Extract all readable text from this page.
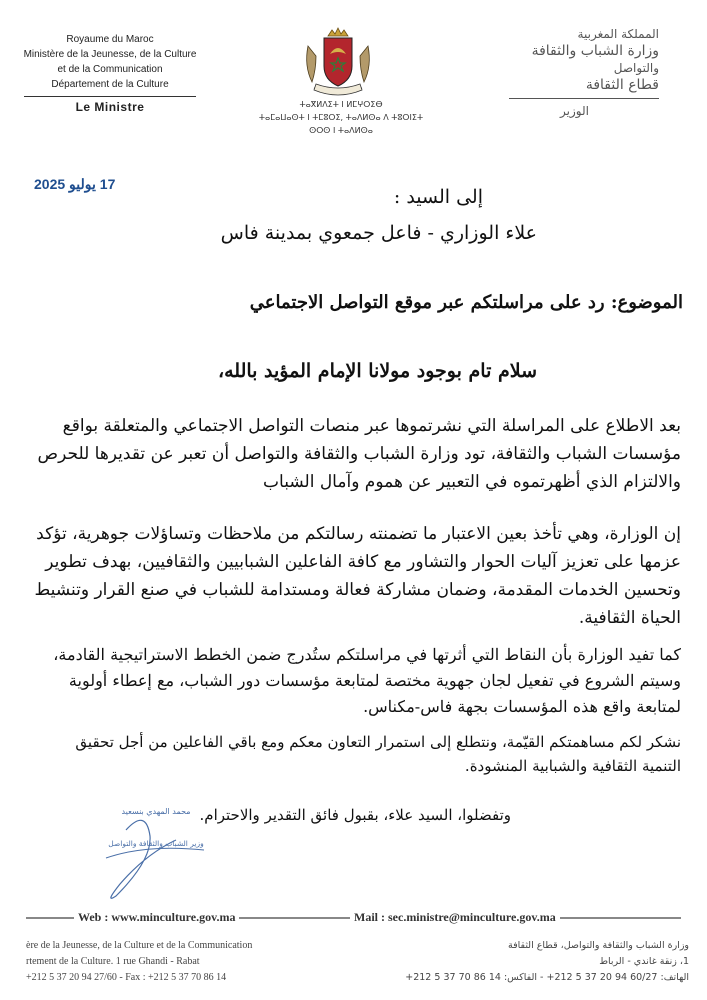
Royaume du Maroc
Ministère de la Jeunesse, de la Culture
et de la Communication
Département de la Culture
Le Ministre	ⵜⴰⴳⵍⴷⵉⵜ ⵏ ⵍⵎⵖⵔⵉⴱ
ⵜⴰⵎⴰⵡⴰⵙⵜ ⵏ ⵜⵎⵓⵔⵉ, ⵜⴰⴷⵍⵙⴰ ⴷ ⵜⵓⵔⵏⵉⵜ
ⵙⵔⵙ ⵏ ⵜⴰⴷⵍⵙⴰ
المملكة المغربية
وزارة الشباب والثقافة
والتواصل
قطاع الثقافة
الوزير
17 يوليو 2025
إلى السيد :
علاء الوزاري - فاعل جمعوي بمدينة فاس
الموضوع: رد على مراسلتكم عبر موقع التواصل الاجتماعي
سلام تام بوجود مولانا الإمام المؤيد بالله،
بعد الاطلاع على المراسلة التي نشرتموها عبر منصات التواصل الاجتماعي والمتعلقة بواقع مؤسسات الشباب والثقافة، تود وزارة الشباب والثقافة والتواصل أن تعبر عن تقديرها للحرص والالتزام الذي أظهرتموه في التعبير عن هموم وآمال الشباب
إن الوزارة، وهي تأخذ بعين الاعتبار ما تضمنته رسالتكم من ملاحظات وتساؤلات جوهرية، تؤكد عزمها على تعزيز آليات الحوار والتشاور مع كافة الفاعلين الشبابيين والثقافيين، بهدف تطوير وتحسين الخدمات المقدمة، وضمان مشاركة فعالة ومستدامة للشباب في صنع القرار وتنشيط الحياة الثقافية.
كما تفيد الوزارة بأن النقاط التي أثرتها في مراسلتكم ستُدرج ضمن الخطط الاستراتيجية القادمة، وسيتم الشروع في تفعيل لجان جهوية مختصة لمتابعة مؤسسات دور الشباب، مع إعطاء أولوية لمتابعة واقع هذه المؤسسات بجهة فاس-مكناس.
نشكر لكم مساهمتكم القيّمة، ونتطلع إلى استمرار التعاون معكم ومع باقي الفاعلين من أجل تحقيق التنمية الثقافية والشبابية المنشودة.
وتفضلوا، السيد علاء، بقبول فائق التقدير والاحترام.
محمد المهدي بنسعيد
وزير الشباب والثقافة والتواصل
Web : www.minculture.gov.ma	Mail : sec.ministre@minculture.gov.ma
ère de la Jeunesse, de la Culture et de la Communication
rtement de la Culture. 1 rue Ghandi - Rabat
+212 5 37 20 94 27/60 - Fax : +212 5 37 70 86 14
وزارة الشباب والثقافة والتواصل، قطاع الثقافة
1، زنقة غاندي - الرباط
الهاتف: 60/27 94 20 37 5 212+ - الفاكس: 14 86 70 37 5 212+
